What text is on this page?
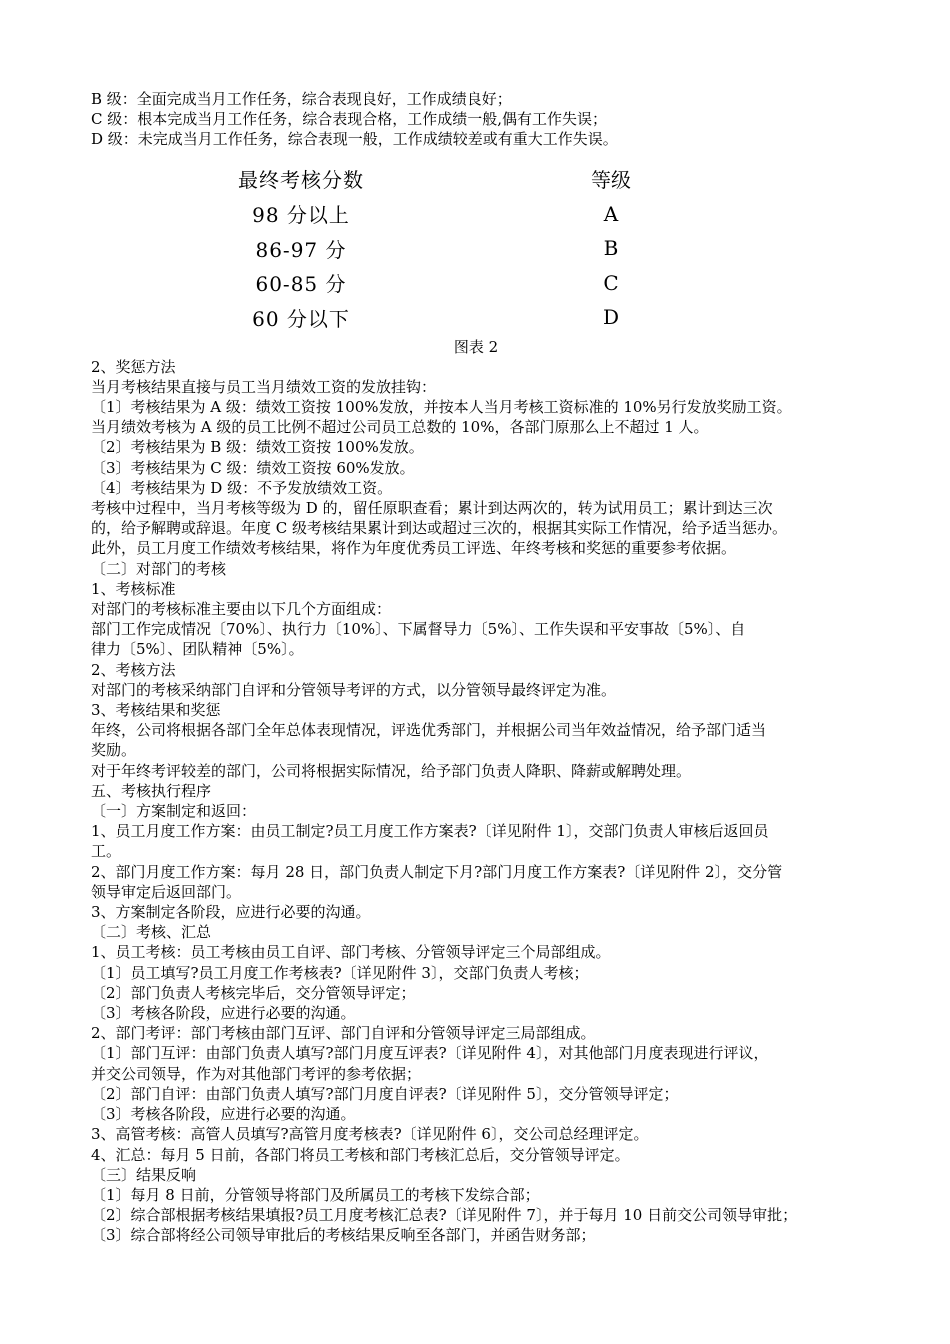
B 级：全面完成当月工作任务，综合表现良好，工作成绩良好；
C 级：根本完成当月工作任务，综合表现合格，工作成绩一般,偶有工作失误；
D 级：未完成当月工作任务，综合表现一般，工作成绩较差或有重大工作失误。
最终考核分数	等级
98 分以上	A
86-97 分	B
60-85 分	C
60 分以下	D
图表 2
2、奖惩方法
当月考核结果直接与员工当月绩效工资的发放挂钩：
〔1〕考核结果为 A 级：绩效工资按 100%发放，并按本人当月考核工资标准的 10%另行发放奖励工资。
当月绩效考核为 A 级的员工比例不超过公司员工总数的 10%，各部门原那么上不超过 1 人。
〔2〕考核结果为 B 级：绩效工资按 100%发放。
〔3〕考核结果为 C 级：绩效工资按 60%发放。
〔4〕考核结果为 D 级：不予发放绩效工资。
考核中过程中，当月考核等级为 D 的，留任原职查看；累计到达两次的，转为试用员工；累计到达三次
的，给予解聘或辞退。年度 C 级考核结果累计到达或超过三次的，根据其实际工作情况，给予适当惩办。
此外，员工月度工作绩效考核结果，将作为年度优秀员工评选、年终考核和奖惩的重要参考依据。
〔二〕对部门的考核
1、考核标准
对部门的考核标准主要由以下几个方面组成：
部门工作完成情况〔70%〕、执行力〔10%〕、下属督导力〔5%〕、工作失误和平安事故〔5%〕、自
律力〔5%〕、团队精神〔5%〕。
2、考核方法
对部门的考核采纳部门自评和分管领导考评的方式，以分管领导最终评定为准。
3、考核结果和奖惩
年终，公司将根据各部门全年总体表现情况，评选优秀部门，并根据公司当年效益情况，给予部门适当
奖励。
对于年终考评较差的部门，公司将根据实际情况，给予部门负责人降职、降薪或解聘处理。
五、考核执行程序
〔一〕方案制定和返回：
1、员工月度工作方案：由员工制定?员工月度工作方案表?〔详见附件 1〕，交部门负责人审核后返回员
工。
2、部门月度工作方案：每月 28 日，部门负责人制定下月?部门月度工作方案表?〔详见附件 2〕，交分管
领导审定后返回部门。
3、方案制定各阶段，应进行必要的沟通。
〔二〕考核、汇总
1、员工考核：员工考核由员工自评、部门考核、分管领导评定三个局部组成。
〔1〕员工填写?员工月度工作考核表?〔详见附件 3〕，交部门负责人考核；
〔2〕部门负责人考核完毕后，交分管领导评定；
〔3〕考核各阶段，应进行必要的沟通。
2、部门考评：部门考核由部门互评、部门自评和分管领导评定三局部组成。
〔1〕部门互评：由部门负责人填写?部门月度互评表?〔详见附件 4〕，对其他部门月度表现进行评议，
并交公司领导，作为对其他部门考评的参考依据；
〔2〕部门自评：由部门负责人填写?部门月度自评表?〔详见附件 5〕，交分管领导评定；
〔3〕考核各阶段，应进行必要的沟通。
3、高管考核：高管人员填写?高管月度考核表?〔详见附件 6〕，交公司总经理评定。
4、汇总：每月 5 日前，各部门将员工考核和部门考核汇总后，交分管领导评定。
〔三〕结果反响
〔1〕每月 8 日前，分管领导将部门及所属员工的考核下发综合部；
〔2〕综合部根据考核结果填报?员工月度考核汇总表?〔详见附件 7〕，并于每月 10 日前交公司领导审批；
〔3〕综合部将经公司领导审批后的考核结果反响至各部门，并函告财务部；
